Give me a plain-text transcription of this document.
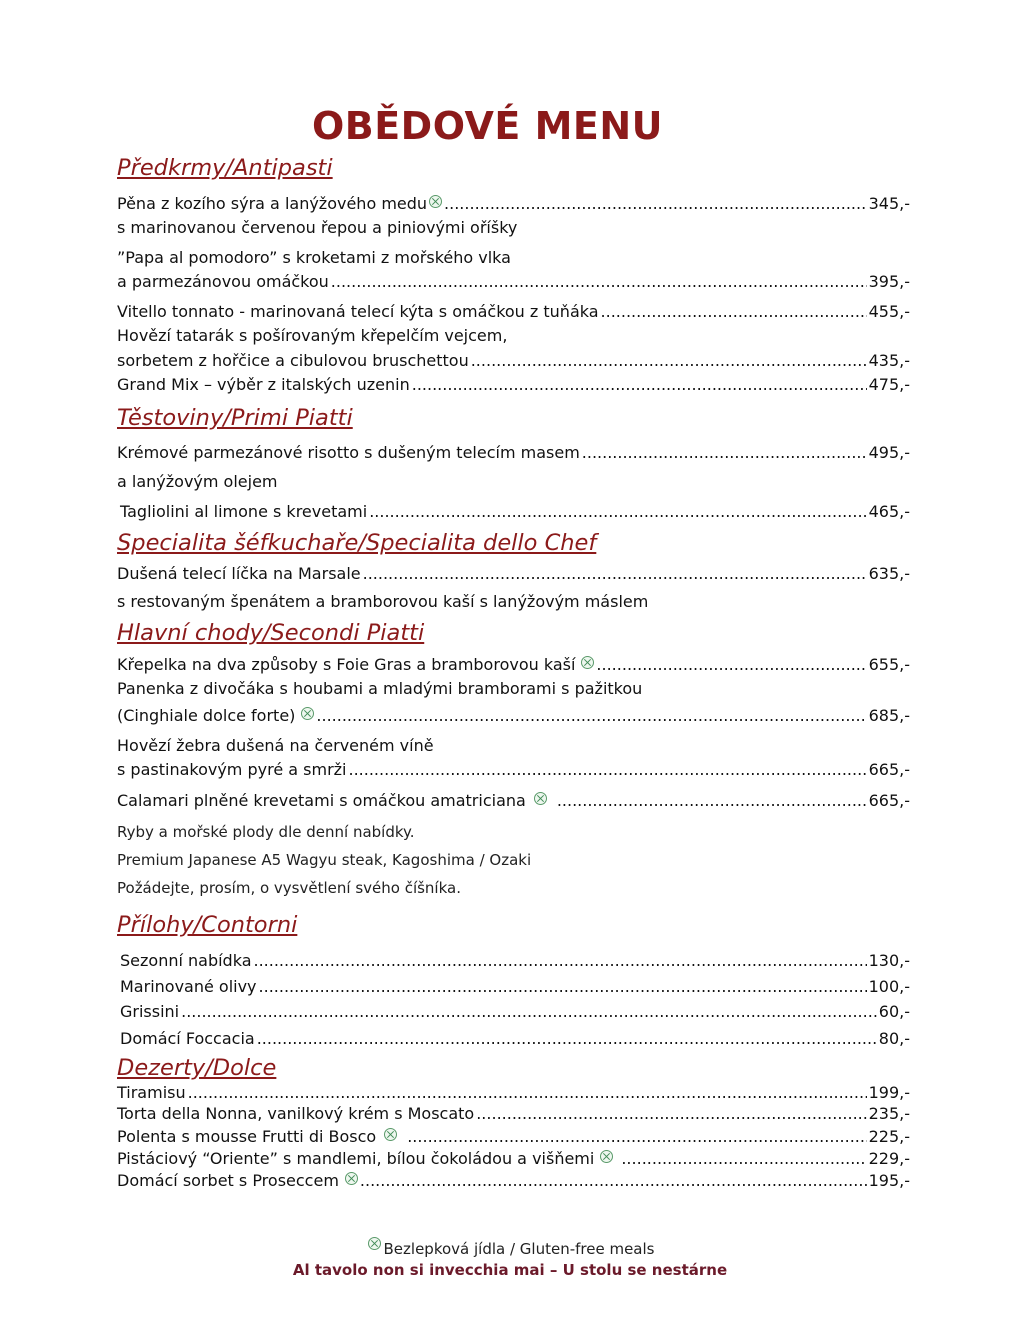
OBĚDOVÉ MENU
Předkrmy/Antipasti
Pěna z kozího sýra a lanýžového medu .....	345,-
s marinovanou červenou řepou a piniovými oříšky
”Papa al pomodoro” s kroketami z mořského vlka
a parmezánovou omáčkou .....	395,-
Vitello tonnato - marinovaná telecí kýta s omáčkou z tuňáka .....	455,-
Hovězí tatarák s pošírovaným křepelčím vejcem,
sorbetem z hořčice a cibulovou bruschettou .....	435,-
Grand Mix – výběr z italských uzenin .....	475,-
Těstoviny/Primi Piatti
Krémové parmezánové risotto s dušeným telecím masem .....	495,-
a lanýžovým olejem
Tagliolini al limone s krevetami .....	465,-
Specialita šéfkuchaře/Specialita dello Chef
Dušená telecí líčka na Marsale .....	635,-
s restovaným špenátem a bramborovou kaší s lanýžovým máslem
Hlavní chody/Secondi Piatti
Křepelka na dva způsoby s Foie Gras a bramborovou kaší .....	655,-
Panenka z divočáka s houbami a mladými bramborami s pažitkou
(Cinghiale dolce forte) .....	685,-
Hovězí žebra dušená na červeném víně
s pastinakovým pyré a smrži .....	665,-
Calamari plněné krevetami s omáčkou amatriciana .....	665,-
Ryby a mořské plody dle denní nabídky.
Premium Japanese A5 Wagyu steak, Kagoshima / Ozaki
Požádejte, prosím, o vysvětlení svého číšníka.
Přílohy/Contorni
Sezonní nabídka .....	130,-
Marinované olivy .....	100,-
Grissini .....	60,-
Domácí Foccacia .....	80,-
Dezerty/Dolce
Tiramisu .....	199,-
Torta della Nonna, vanilkový krém s Moscato .....	235,-
Polenta s mousse Frutti di Bosco .....	225,-
Pistáciový “Oriente” s mandlemi, bílou čokoládou a višňemi .....	229,-
Domácí sorbet s Proseccem .....	195,-
Bezlepková jídla / Gluten-free meals
Al tavolo non si invecchia mai – U stolu se nestárne
